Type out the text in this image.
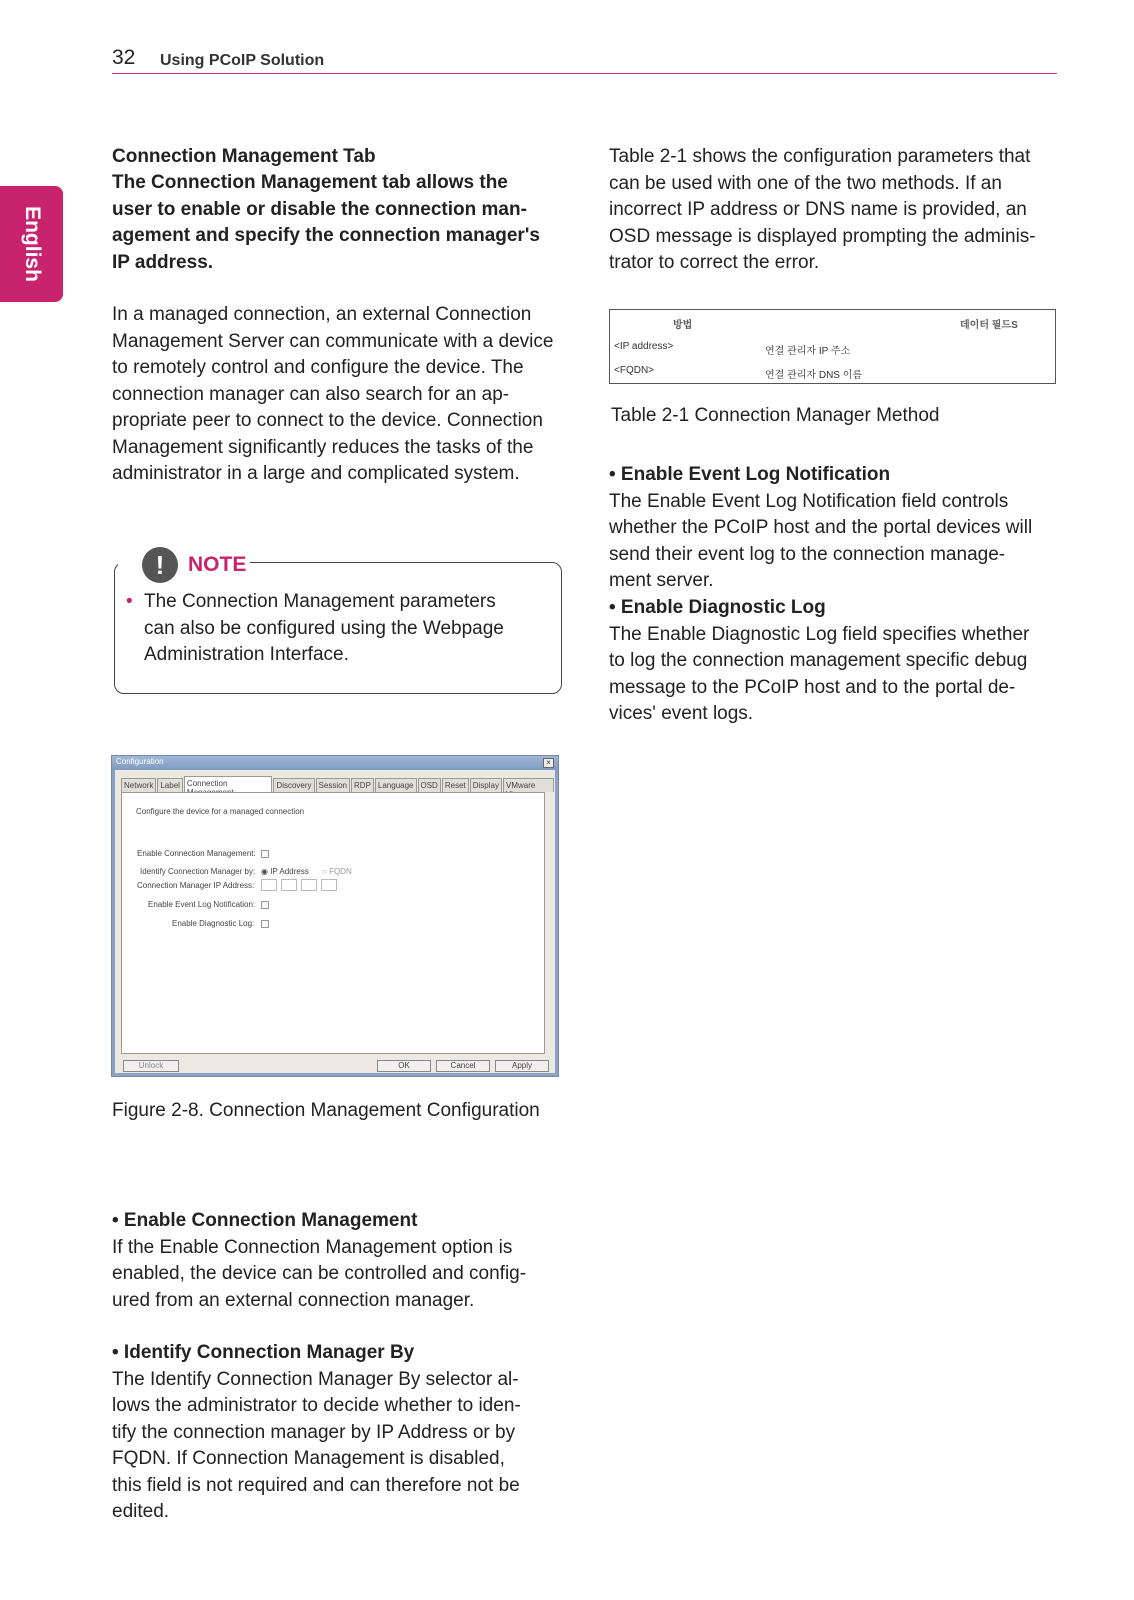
32 Using PCoIP Solution
English
Connection Management Tab
The Connection Management tab allows the
user to enable or disable the connection man-
agement and specify the connection manager's
IP address.
In a managed connection, an external Connection
Management Server can communicate with a device
to remotely control and configure the device. The
connection manager can also search for an ap-
propriate peer to connect to the device. Connection
Management significantly reduces the tasks of the
administrator in a large and complicated system.
!	NOTE
• The Connection Management parameters
can also be configured using the Webpage
Administration Interface.
Configuration	×
Network Label Connection	Discovery Session RDP Language OSD Reset Display VMware
Configure the device for a managed connection
Enable Connection Management:
Identify Connection Manager by: ◉ IP Address ○ FQDN
Connection Manager IP Address:
Enable Event Log Notification:
Enable Diagnostic Log:
Unlock	OK	Cancel	Apply
Figure 2-8. Connection Management Configuration
• Enable Connection Management
If the Enable Connection Management option is
enabled, the device can be controlled and config-
ured from an external connection manager.
• Identify Connection Manager By
The Identify Connection Manager By selector al-
lows the administrator to decide whether to iden-
tify the connection manager by IP Address or by
FQDN. If Connection Management is disabled,
this field is not required and can therefore not be
edited.
Table 2-1 shows the configuration parameters that
can be used with one of the two methods. If an
incorrect IP address or DNS name is provided, an
OSD message is displayed prompting the adminis-
trator to correct the error.
방법	데이터 필드S
<IP address>	연결 관리자 IP 주소
<FQDN>	연결 관리자 DNS 이름
Table 2-1 Connection Manager Method
• Enable Event Log Notification
The Enable Event Log Notification field controls
whether the PCoIP host and the portal devices will
send their event log to the connection manage-
ment server.
• Enable Diagnostic Log
The Enable Diagnostic Log field specifies whether
to log the connection management specific debug
message to the PCoIP host and to the portal de-
vices' event logs.
